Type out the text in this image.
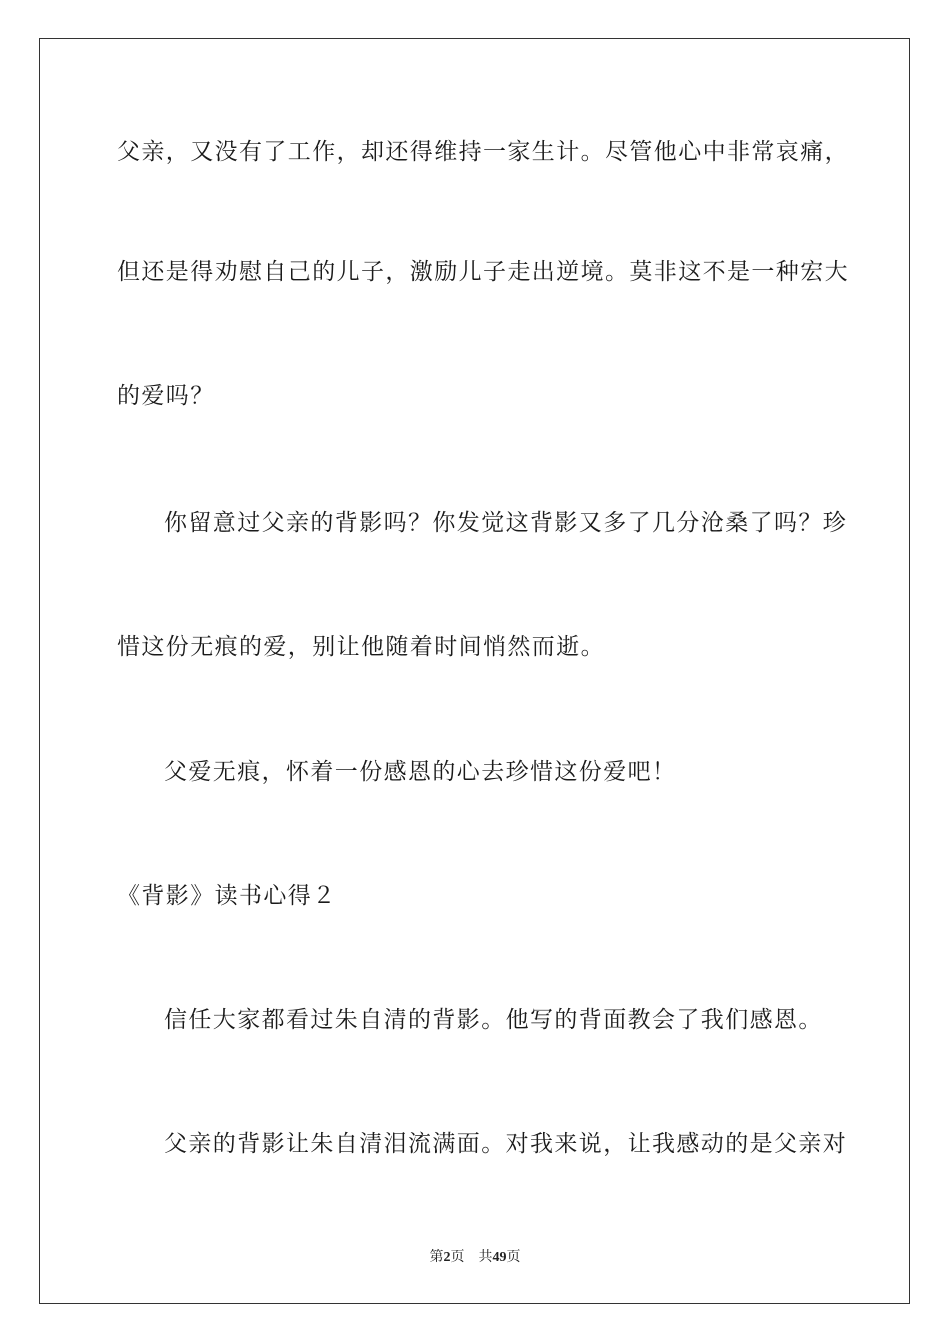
父亲，又没有了工作，却还得维持一家生计。尽管他心中非常哀痛，
但还是得劝慰自己的儿子，激励儿子走出逆境。莫非这不是一种宏大
的爱吗？
你留意过父亲的背影吗？你发觉这背影又多了几分沧桑了吗？珍
惜这份无痕的爱，别让他随着时间悄然而逝。
父爱无痕，怀着一份感恩的心去珍惜这份爱吧！
《背影》读书心得２
信任大家都看过朱自清的背影。他写的背面教会了我们感恩。
父亲的背影让朱自清泪流满面。对我来说，让我感动的是父亲对
第2页 共49页
